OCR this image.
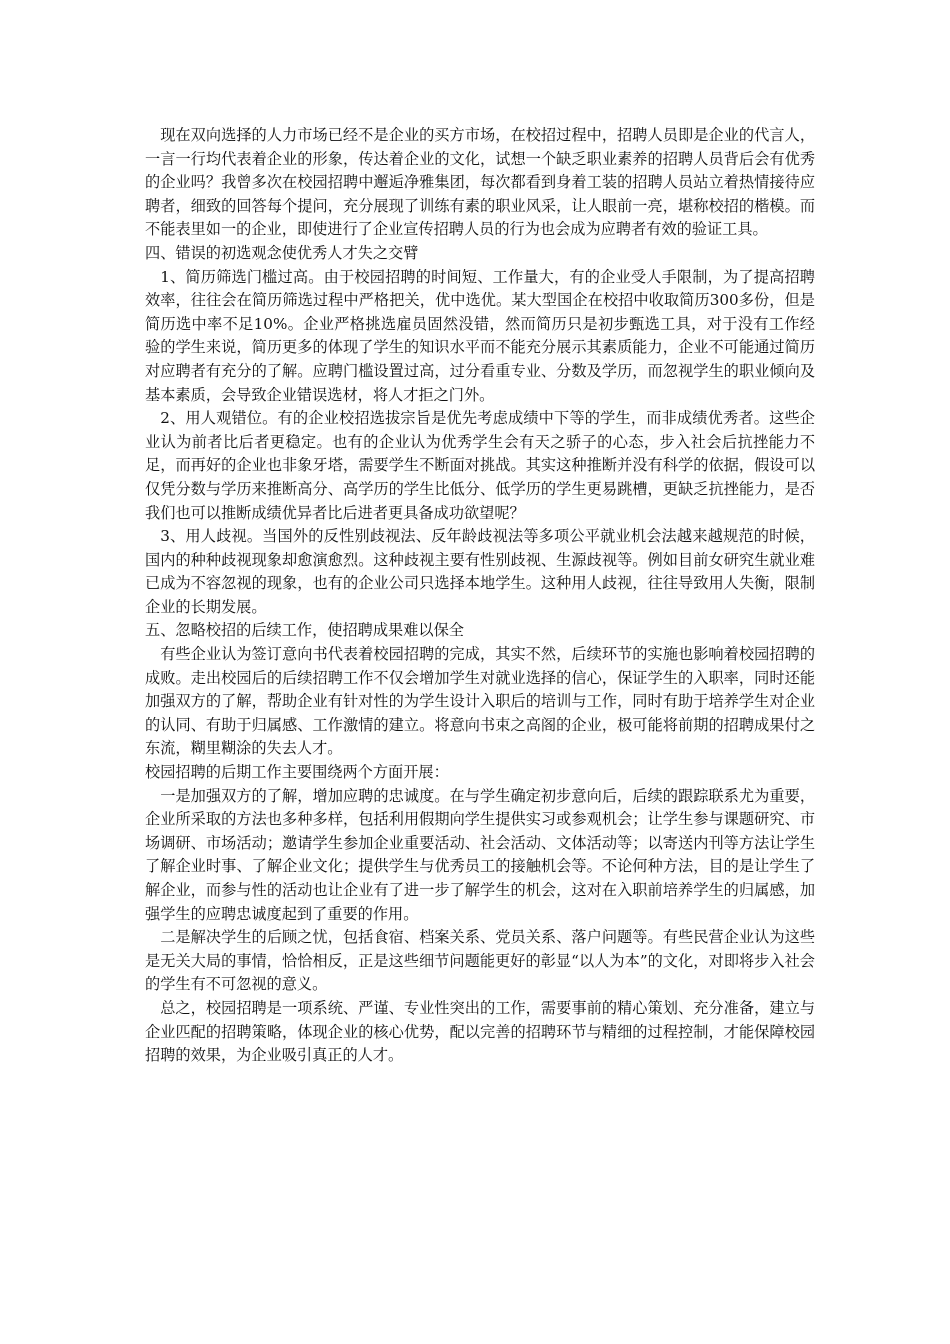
现在双向选择的人力市场已经不是企业的买方市场，在校招过程中，招聘人员即是企业的代言人，一言一行均代表着企业的形象，传达着企业的文化，试想一个缺乏职业素养的招聘人员背后会有优秀的企业吗？我曾多次在校园招聘中邂逅净雅集团，每次都看到身着工装的招聘人员站立着热情接待应聘者，细致的回答每个提问，充分展现了训练有素的职业风采，让人眼前一亮，堪称校招的楷模。而不能表里如一的企业，即使进行了企业宣传招聘人员的行为也会成为应聘者有效的验证工具。

四、错误的初选观念使优秀人才失之交臂

1、简历筛选门槛过高。由于校园招聘的时间短、工作量大，有的企业受人手限制，为了提高招聘效率，往往会在简历筛选过程中严格把关，优中选优。某大型国企在校招中收取简历300多份，但是简历选中率不足10%。企业严格挑选雇员固然没错，然而简历只是初步甄选工具，对于没有工作经验的学生来说，简历更多的体现了学生的知识水平而不能充分展示其素质能力，企业不可能通过简历对应聘者有充分的了解。应聘门槛设置过高，过分看重专业、分数及学历，而忽视学生的职业倾向及基本素质，会导致企业错误选材，将人才拒之门外。

2、用人观错位。有的企业校招选拔宗旨是优先考虑成绩中下等的学生，而非成绩优秀者。这些企业认为前者比后者更稳定。也有的企业认为优秀学生会有天之骄子的心态，步入社会后抗挫能力不足，而再好的企业也非象牙塔，需要学生不断面对挑战。其实这种推断并没有科学的依据，假设可以仅凭分数与学历来推断高分、高学历的学生比低分、低学历的学生更易跳槽，更缺乏抗挫能力，是否我们也可以推断成绩优异者比后进者更具备成功欲望呢？

3、用人歧视。当国外的反性别歧视法、反年龄歧视法等多项公平就业机会法越来越规范的时候，国内的种种歧视现象却愈演愈烈。这种歧视主要有性别歧视、生源歧视等。例如目前女研究生就业难已成为不容忽视的现象，也有的企业公司只选择本地学生。这种用人歧视，往往导致用人失衡，限制企业的长期发展。

五、忽略校招的后续工作，使招聘成果难以保全

有些企业认为签订意向书代表着校园招聘的完成，其实不然，后续环节的实施也影响着校园招聘的成败。走出校园后的后续招聘工作不仅会增加学生对就业选择的信心，保证学生的入职率，同时还能加强双方的了解，帮助企业有针对性的为学生设计入职后的培训与工作，同时有助于培养学生对企业的认同、有助于归属感、工作激情的建立。将意向书束之高阁的企业，极可能将前期的招聘成果付之东流，糊里糊涂的失去人才。

校园招聘的后期工作主要围绕两个方面开展：

一是加强双方的了解，增加应聘的忠诚度。在与学生确定初步意向后，后续的跟踪联系尤为重要，企业所采取的方法也多种多样，包括利用假期向学生提供实习或参观机会；让学生参与课题研究、市场调研、市场活动；邀请学生参加企业重要活动、社会活动、文体活动等；以寄送内刊等方法让学生了解企业时事、了解企业文化；提供学生与优秀员工的接触机会等。不论何种方法，目的是让学生了解企业，而参与性的活动也让企业有了进一步了解学生的机会，这对在入职前培养学生的归属感，加强学生的应聘忠诚度起到了重要的作用。

二是解决学生的后顾之忧，包括食宿、档案关系、党员关系、落户问题等。有些民营企业认为这些是无关大局的事情，恰恰相反，正是这些细节问题能更好的彰显“以人为本”的文化，对即将步入社会的学生有不可忽视的意义。

总之，校园招聘是一项系统、严谨、专业性突出的工作，需要事前的精心策划、充分准备，建立与企业匹配的招聘策略，体现企业的核心优势，配以完善的招聘环节与精细的过程控制，才能保障校园招聘的效果，为企业吸引真正的人才。
